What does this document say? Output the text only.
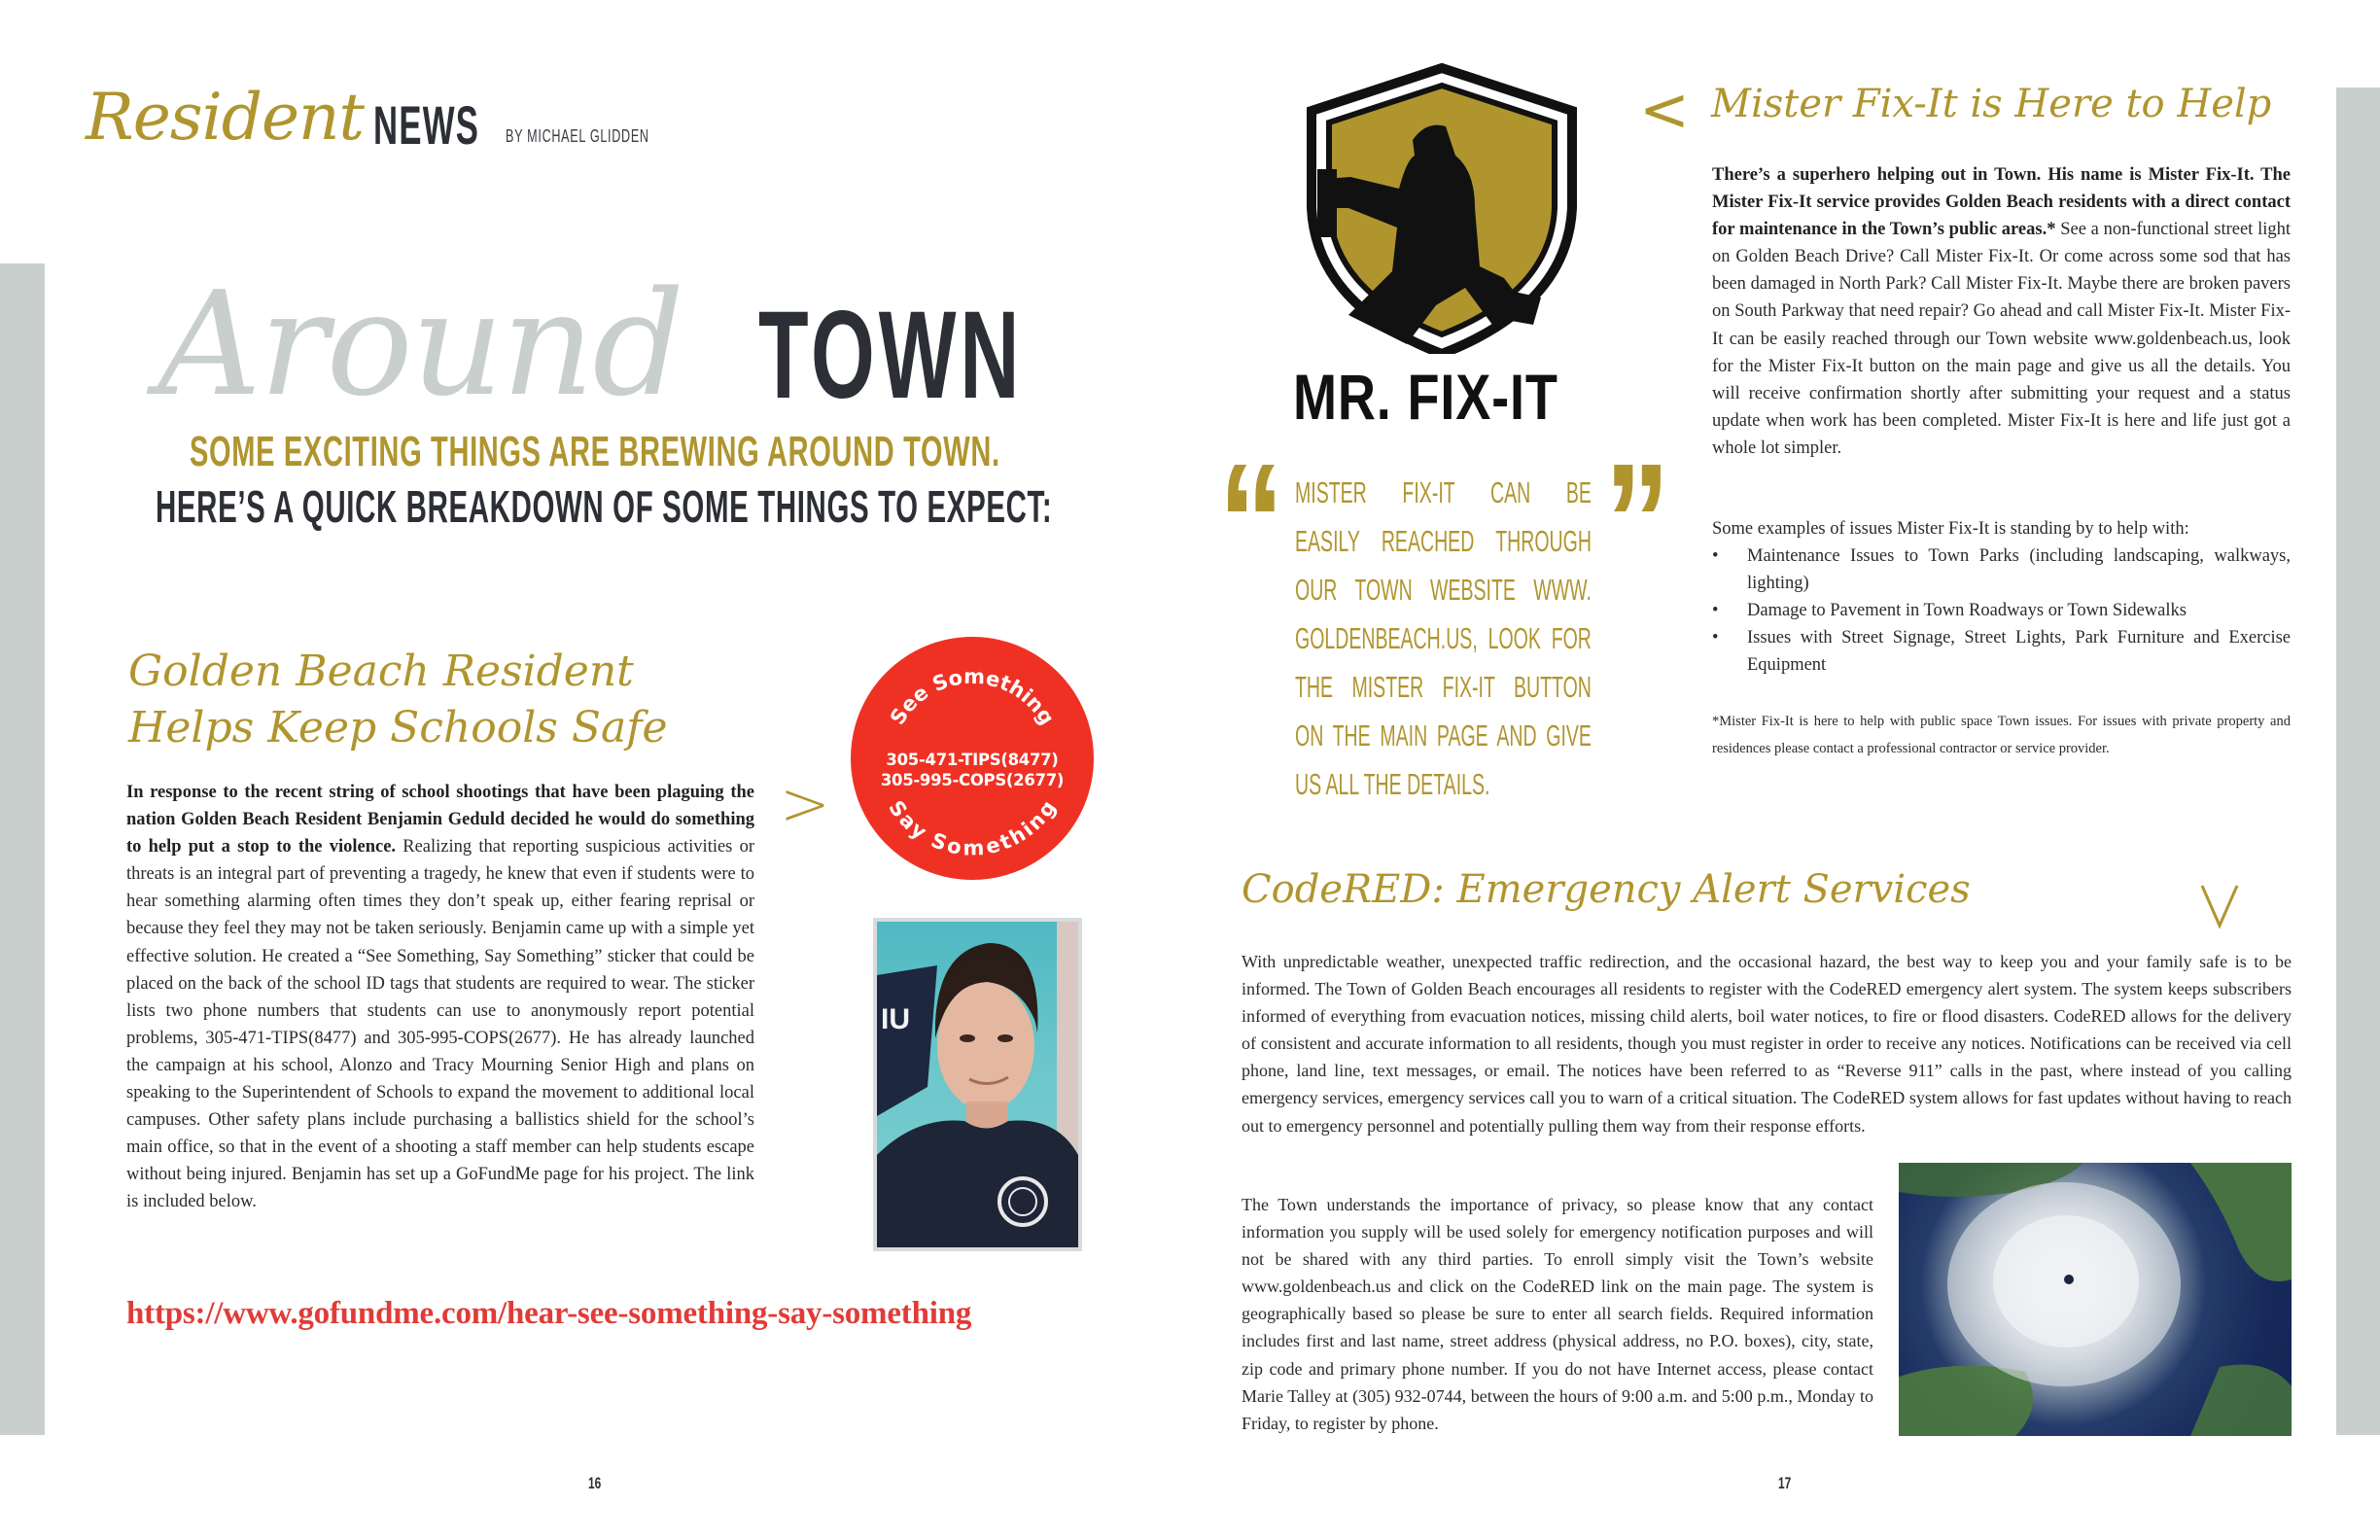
Resident NEWS BY MICHAEL GLIDDEN
Around TOWN
SOME EXCITING THINGS ARE BREWING AROUND TOWN.
HERE’S A QUICK BREAKDOWN OF SOME THINGS TO EXPECT:
Golden Beach Resident
Helps Keep Schools Safe
In response to the recent string of school shootings that have been plaguing the nation Golden Beach Resident Benjamin Geduld decided he would do something to help put a stop to the violence. Realizing that reporting suspicious activities or threats is an integral part of preventing a tragedy, he knew that even if students were to hear something alarming often times they don’t speak up, either fearing reprisal or because they feel they may not be taken seriously. Benjamin came up with a simple yet effective solution. He created a “See Something, Say Something” sticker that could be placed on the back of the school ID tags that students are required to wear. The sticker lists two phone numbers that students can use to anonymously report potential problems, 305-471-TIPS(8477) and 305-995-COPS(2677). He has already launched the campaign at his school, Alonzo and Tracy Mourning Senior High and plans on speaking to the Superintendent of Schools to expand the movement to additional local campuses. Other safety plans include purchasing a ballistics shield for the school’s main office, so that in the event of a shooting a staff member can help students escape without being injured. Benjamin has set up a GoFundMe page for his project. The link is included below.
>
See Something
Say Something
305-471-TIPS(8477)
305-995-COPS(2677)
IU
https://www.gofundme.com/hear-see-something-say-something
16
MR. FIX-IT
“ ”
MISTER FIX-IT CAN BE
EASILY REACHED THROUGH
OUR TOWN WEBSITE WWW.
GOLDENBEACH.US, LOOK FOR
THE MISTER FIX-IT BUTTON
ON THE MAIN PAGE AND GIVE
US ALL THE DETAILS.
< Mister Fix-It is Here to Help
There’s a superhero helping out in Town. His name is Mister Fix-It. The Mister Fix-It service provides Golden Beach residents with a direct contact for maintenance in the Town’s public areas.* See a non-functional street light on Golden Beach Drive? Call Mister Fix-It. Or come across some sod that has been damaged in North Park? Call Mister Fix-It. Maybe there are broken pavers on South Parkway that need repair? Go ahead and call Mister Fix-It. Mister Fix-It can be easily reached through our Town website www.goldenbeach.us, look for the Mister Fix-It button on the main page and give us all the details. You will receive confirmation shortly after submitting your request and a status update when work has been completed. Mister Fix-It is here and life just got a whole lot simpler.
Some examples of issues Mister Fix-It is standing by to help with:
• Maintenance Issues to Town Parks (including landscaping, walkways, lighting)
• Damage to Pavement in Town Roadways or Town Sidewalks
• Issues with Street Signage, Street Lights, Park Furniture and Exercise Equipment
*Mister Fix-It is here to help with public space Town issues. For issues with private property and residences please contact a professional contractor or service provider.
CodeRED: Emergency Alert Services
With unpredictable weather, unexpected traffic redirection, and the occasional hazard, the best way to keep you and your family safe is to be informed. The Town of Golden Beach encourages all residents to register with the CodeRED emergency alert system. The system keeps subscribers informed of everything from evacuation notices, missing child alerts, boil water notices, to fire or flood disasters. CodeRED allows for the delivery of consistent and accurate information to all residents, though you must register in order to receive any notices. Notifications can be received via cell phone, land line, text messages, or email. The notices have been referred to as “Reverse 911” calls in the past, where instead of you calling emergency services, emergency services call you to warn of a critical situation. The CodeRED system allows for fast updates without having to reach out to emergency personnel and potentially pulling them way from their response efforts.
The Town understands the importance of privacy, so please know that any contact information you supply will be used solely for emergency notification purposes and will not be shared with any third parties. To enroll simply visit the Town’s website www.goldenbeach.us and click on the CodeRED link on the main page. The system is geographically based so please be sure to enter all search fields. Required information includes first and last name, street address (physical address, no P.O. boxes), city, state, zip code and primary phone number. If you do not have Internet access, please contact Marie Talley at (305) 932-0744, between the hours of 9:00 a.m. and 5:00 p.m., Monday to Friday, to register by phone.
17
